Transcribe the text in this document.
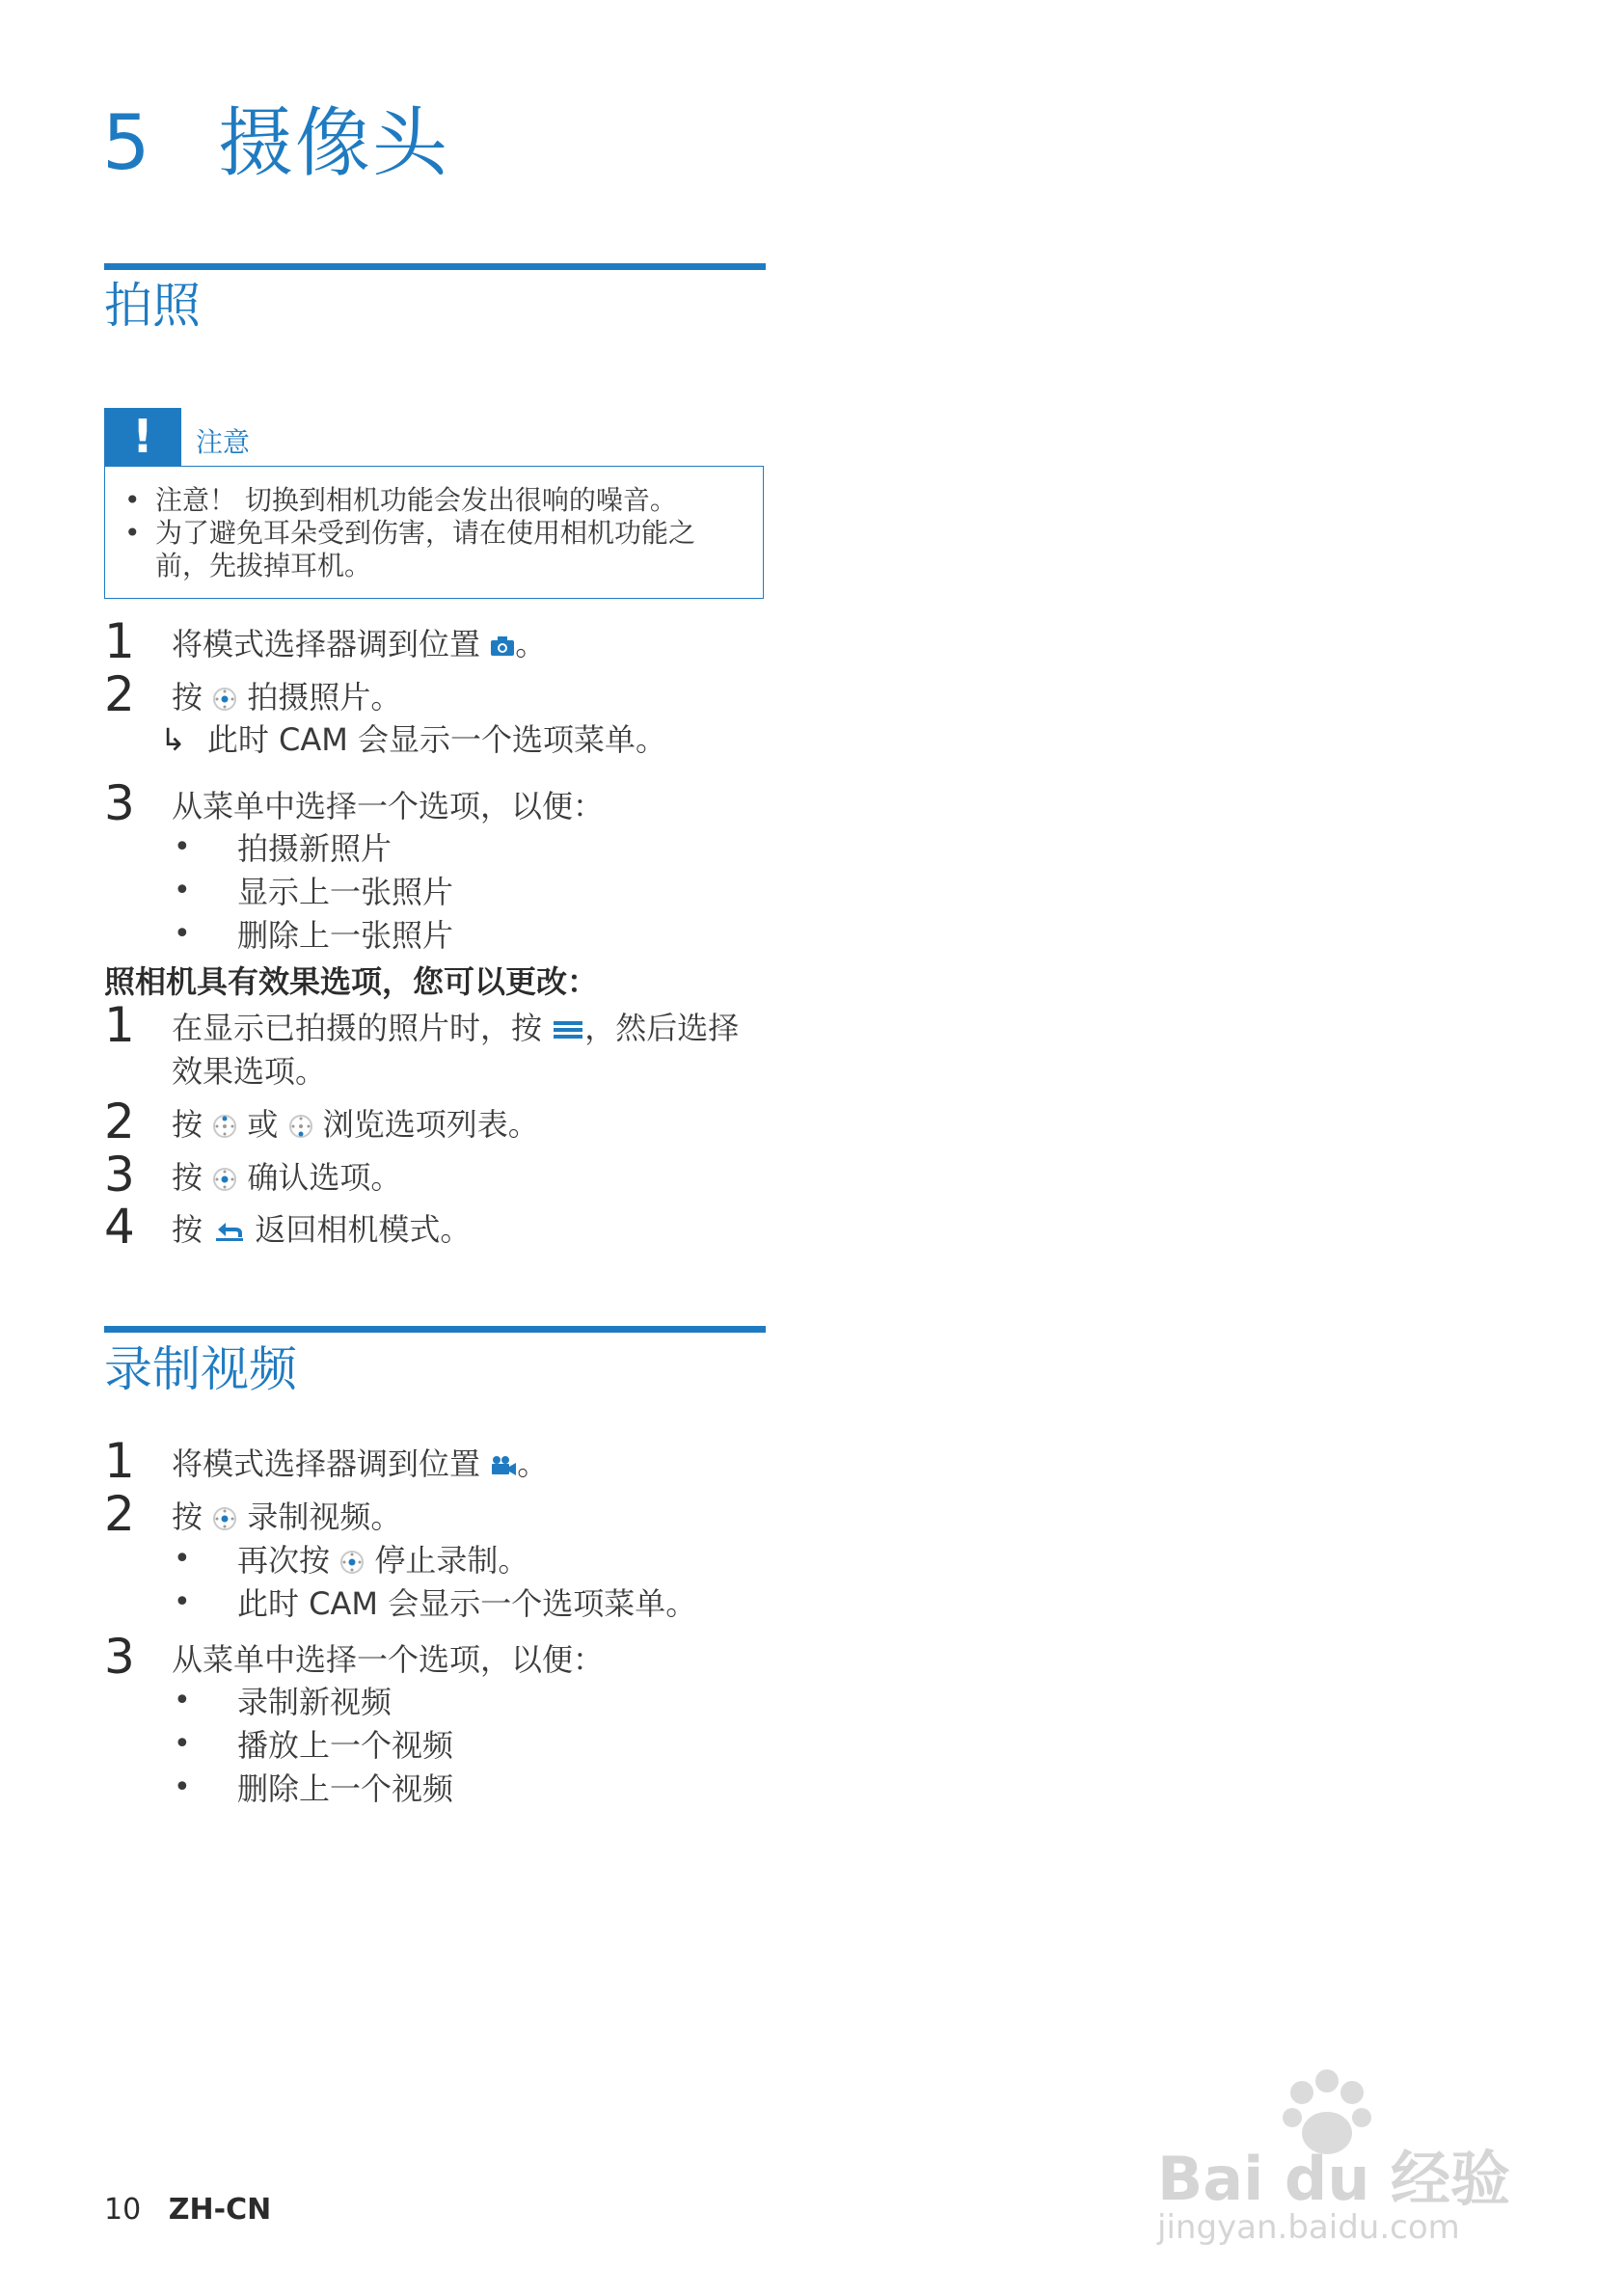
5 摄像头
拍照
!	注意
• 注意！ 切换到相机功能会发出很响的噪音。
• 为了避免耳朵受到伤害，请在使用相机功能之
前，先拔掉耳机。
1 将模式选择器调到位置 。
2 按 拍摄照片。
↳ 此时 CAM 会显示一个选项菜单。
3 从菜单中选择一个选项，以便：
• 拍摄新照片
• 显示上一张照片
• 删除上一张照片
照相机具有效果选项，您可以更改：
1 在显示已拍摄的照片时，按 ，然后选择
效果选项。
2 按 或 浏览选项列表。
3 按 确认选项。
4 按 返回相机模式。
录制视频
1 将模式选择器调到位置 。
2 按 录制视频。
• 再次按 停止录制。
• 此时 CAM 会显示一个选项菜单。
3 从菜单中选择一个选项，以便：
• 录制新视频
• 播放上一个视频
• 删除上一个视频
10 ZH-CN	Bai du 经验
jingyan.baidu.com
